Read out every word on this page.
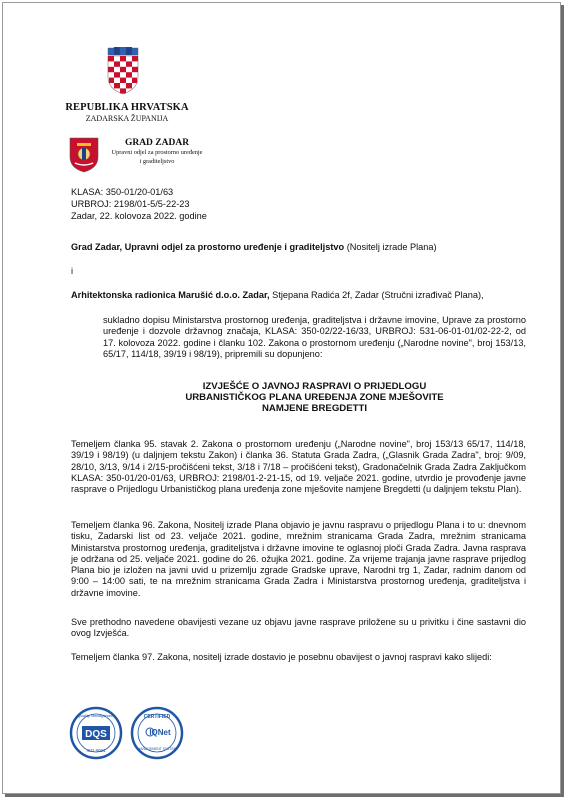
REPUBLIKA HRVATSKA
ZADARSKA ŽUPANIJA
GRAD ZADAR
Upravni odjel za prostorno uređenje
i graditeljstvo
KLASA: 350-01/20-01/63
URBROJ: 2198/01-5/5-22-23
Zadar, 22. kolovoza 2022. godine
Grad Zadar, Upravni odjel za prostorno uređenje i graditeljstvo (Nositelj izrade Plana)
i
Arhitektonska radionica Marušić d.o.o. Zadar, Stjepana Radića 2f, Zadar (Stručni izrađivač Plana),
sukladno dopisu Ministarstva prostornog uređenja, graditeljstva i državne imovine, Uprave za prostorno uređenje i dozvole državnog značaja, KLASA: 350-02/22-16/33, URBROJ: 531-06-01-01/02-22-2, od 17. kolovoza 2022. godine i članku 102. Zakona o prostornom uređenju („Narodne novine", broj 153/13, 65/17, 114/18, 39/19 i 98/19), pripremili su dopunjeno:
IZVJEŠĆE O JAVNOJ RASPRAVI O PRIJEDLOGU
URBANISTIČKOG PLANA UREĐENJA ZONE MJEŠOVITE
NAMJENE BREGDETTI
Temeljem članka 95. stavak 2. Zakona o prostornom uređenju („Narodne novine", broj 153/13 65/17, 114/18, 39/19 i 98/19) (u daljnjem tekstu Zakon) i članka 36. Statuta Grada Zadra, („Glasnik Grada Zadra", broj: 9/09, 28/10, 3/13, 9/14 i 2/15-pročišćeni tekst, 3/18 i 7/18 – pročišćeni tekst), Gradonačelnik Grada Zadra Zaključkom KLASA: 350-01/20-01/63, URBROJ: 2198/01-2-21-15, od 19. veljače 2021. godine, utvrdio je provođenje javne rasprave o Prijedlogu Urbanističkog plana uređenja zone mješovite namjene Bregdetti (u daljnjem tekstu Plan).
Temeljem članka 96. Zakona, Nositelj izrade Plana objavio je javnu raspravu o prijedlogu Plana i to u: dnevnom tisku, Zadarski list od 23. veljače 2021. godine, mrežnim stranicama Grada Zadra, mrežnim stranicama Ministarstva prostornog uređenja, graditeljstva i državne imovine te oglasnoj ploči Grada Zadra. Javna rasprava je održana od 25. veljače 2021. godine do 26. ožujka 2021. godine. Za vrijeme trajanja javne rasprave prijedlog Plana bio je izložen na javni uvid u prizemlju zgrade Gradske uprave, Narodni trg 1, Zadar, radnim danom od 9:00 – 14:00 sati, te na mrežnim stranicama Grada Zadra i Ministarstva prostornog uređenja, graditeljstva i državne imovine.
Sve prethodno navedene obavijesti vezane uz objavu javne rasprave priložene su u privitku i čine sastavni dio ovog Izvješća.
Temeljem članka 97. Zakona, nositelj izrade dostavio je posebnu obavijest o javnoj raspravi kako slijedi:
Quality Management
DQS
ISO 9001
CERTIFIED
IQNet
MANAGEMENT SYSTEM
